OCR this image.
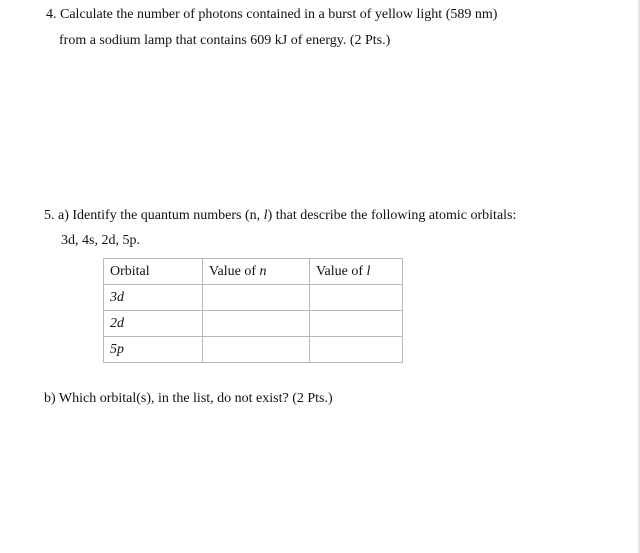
4. Calculate the number of photons contained in a burst of yellow light (589 nm)
from a sodium lamp that contains 609 kJ of energy. (2 Pts.)
5. a) Identify the quantum numbers (n, l) that describe the following atomic orbitals:
3d, 4s, 2d, 5p.
Orbital	Value of n	Value of l
3d		
2d		
5p		
b) Which orbital(s), in the list, do not exist? (2 Pts.)
